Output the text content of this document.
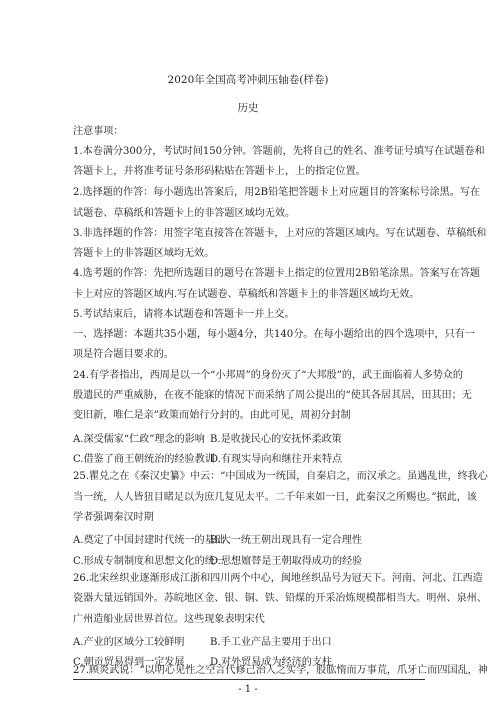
2020年全国高考冲刺压轴卷(样卷)
历史
注意事项：
1.本卷满分300分，考试时间150分钟。答题前，先将自己的姓名、准考证号填写在试题卷和
答题卡上，并将准考证号条形码粘贴在答题卡上，上的指定位置。
2.选择题的作答：每小题选出答案后，用2B铅笔把答题卡上对应题目的答案标号涂黑。写在
试题卷、草稿纸和答题卡上的非答题区域均无效。
3.非选择题的作答：用签字笔直接答在答题卡，上对应的答题区域内。写在试题卷、草稿纸和
答题卡上的非答题区域均无效。
4.选考题的作答：先把所选题目的题号在答题卡上指定的位置用2B铅笔涂黑。答案写在答题
卡上对应的答题区域内.写在试题卷、草稿纸和答题卡上的非答题区域均无效。
5.考试结束后，请将本试题卷和答题卡一并上交。
一、选择题：本题共35小题，每小题4分，共140分。在每小题给出的四个选项中，只有一
项是符合题目要求的。
24.有学者指出，西周是以一个“小邦周”的身份灭了“大邦殷”的，武王面临着人多势众的
殷遗民的严重威胁，在夜不能寐的情况下而采纳了周公提出的“使其各居其居，田其田；无
变旧新，唯仁是亲”政策而始行分封的。由此可见，周初分封制
A.深受儒家“仁政”理念的影响 B.是收拢民心的安抚怀柔政策
C.借鉴了商王朝统治的经验教训
D.有现实导向和继往开来特点
25.瞿兑之在《秦汉史纂》中云：“中国成为一统国，自秦启之，而汉承之。虽遇乱世，终我心
当一统，人人皆狃目睹足以为庶几复见太平。二千年来如一日，此秦汉之所赐也。”据此，该
学者强调秦汉时期
A.奠定了中国封建时代统一的基础
B.大一统王朝出现具有一定合理性
C.形成专制制度和思想文化的统一
D.思想嬗替是王朝取得成功的经验
26.北宋丝织业逐渐形成江浙和四川两个中心，闽地丝织品号为冠天下。河南、河北、江西造
瓷器大量远销国外。苏皖地区金、银、铜、铁、铅煤的开采冶炼规模都相当大。明州、泉州、
广州造船业居世界首位。这些现象表明宋代
A.产业的区域分工较鲜明	B.手工业产品主要用于出口
C.朝贡贸易得到一定发展	D.对外贸易成为经济的支柱
- 1 -
27.顾炎武说：“以明心见性之空言代修己治人之实学，股肱惰而万事荒，爪牙亡而四国乱，神
